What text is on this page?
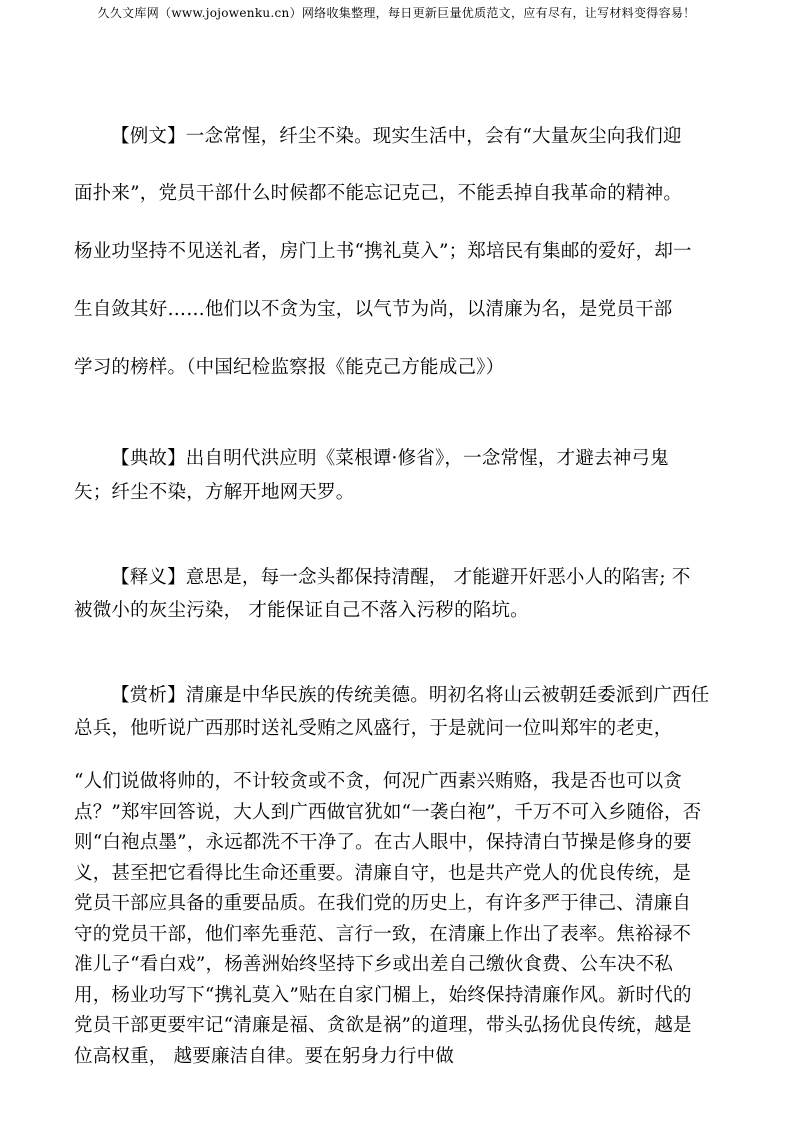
久久文库网（www.jojowenku.cn）网络收集整理，每日更新巨量优质范文，应有尽有，让写材料变得容易！
【例文】一念常惺，纤尘不染。现实生活中，会有“大量灰尘向我们迎
面扑来”，党员干部什么时候都不能忘记克己，不能丢掉自我革命的精神。
杨业功坚持不见送礼者，房门上书“携礼莫入”；郑培民有集邮的爱好，却一
生自敛其好……他们以不贪为宝，以气节为尚，以清廉为名，是党员干部
学习的榜样。（中国纪检监察报《能克己方能成己》）
【典故】出自明代洪应明《菜根谭·修省》，一念常惺，才避去神弓鬼
矢；纤尘不染，方解开地网天罗。
【释义】意思是，每一念头都保持清醒， 才能避开奸恶小人的陷害; 不
被微小的灰尘污染， 才能保证自己不落入污秽的陷坑。
【赏析】清廉是中华民族的传统美德。明初名将山云被朝廷委派到广西任
总兵，他听说广西那时送礼受贿之风盛行，于是就问一位叫郑牢的老吏，
“人们说做将帅的，不计较贪或不贪，何况广西素兴贿赂，我是否也可以贪
点？”郑牢回答说，大人到广西做官犹如“一袭白袍”，千万不可入乡随俗，否
则“白袍点墨”，永远都洗不干净了。在古人眼中，保持清白节操是修身的要
义，甚至把它看得比生命还重要。清廉自守，也是共产党人的优良传统，是
党员干部应具备的重要品质。在我们党的历史上，有许多严于律己、清廉自
守的党员干部，他们率先垂范、言行一致，在清廉上作出了表率。焦裕禄不
准儿子“看白戏”，杨善洲始终坚持下乡或出差自己缴伙食费、公车决不私
用，杨业功写下“携礼莫入”贴在自家门楣上，始终保持清廉作风。新时代的
党员干部更要牢记“清廉是福、贪欲是祸”的道理，带头弘扬优良传统，越是
位高权重， 越要廉洁自律。要在躬身力行中做
